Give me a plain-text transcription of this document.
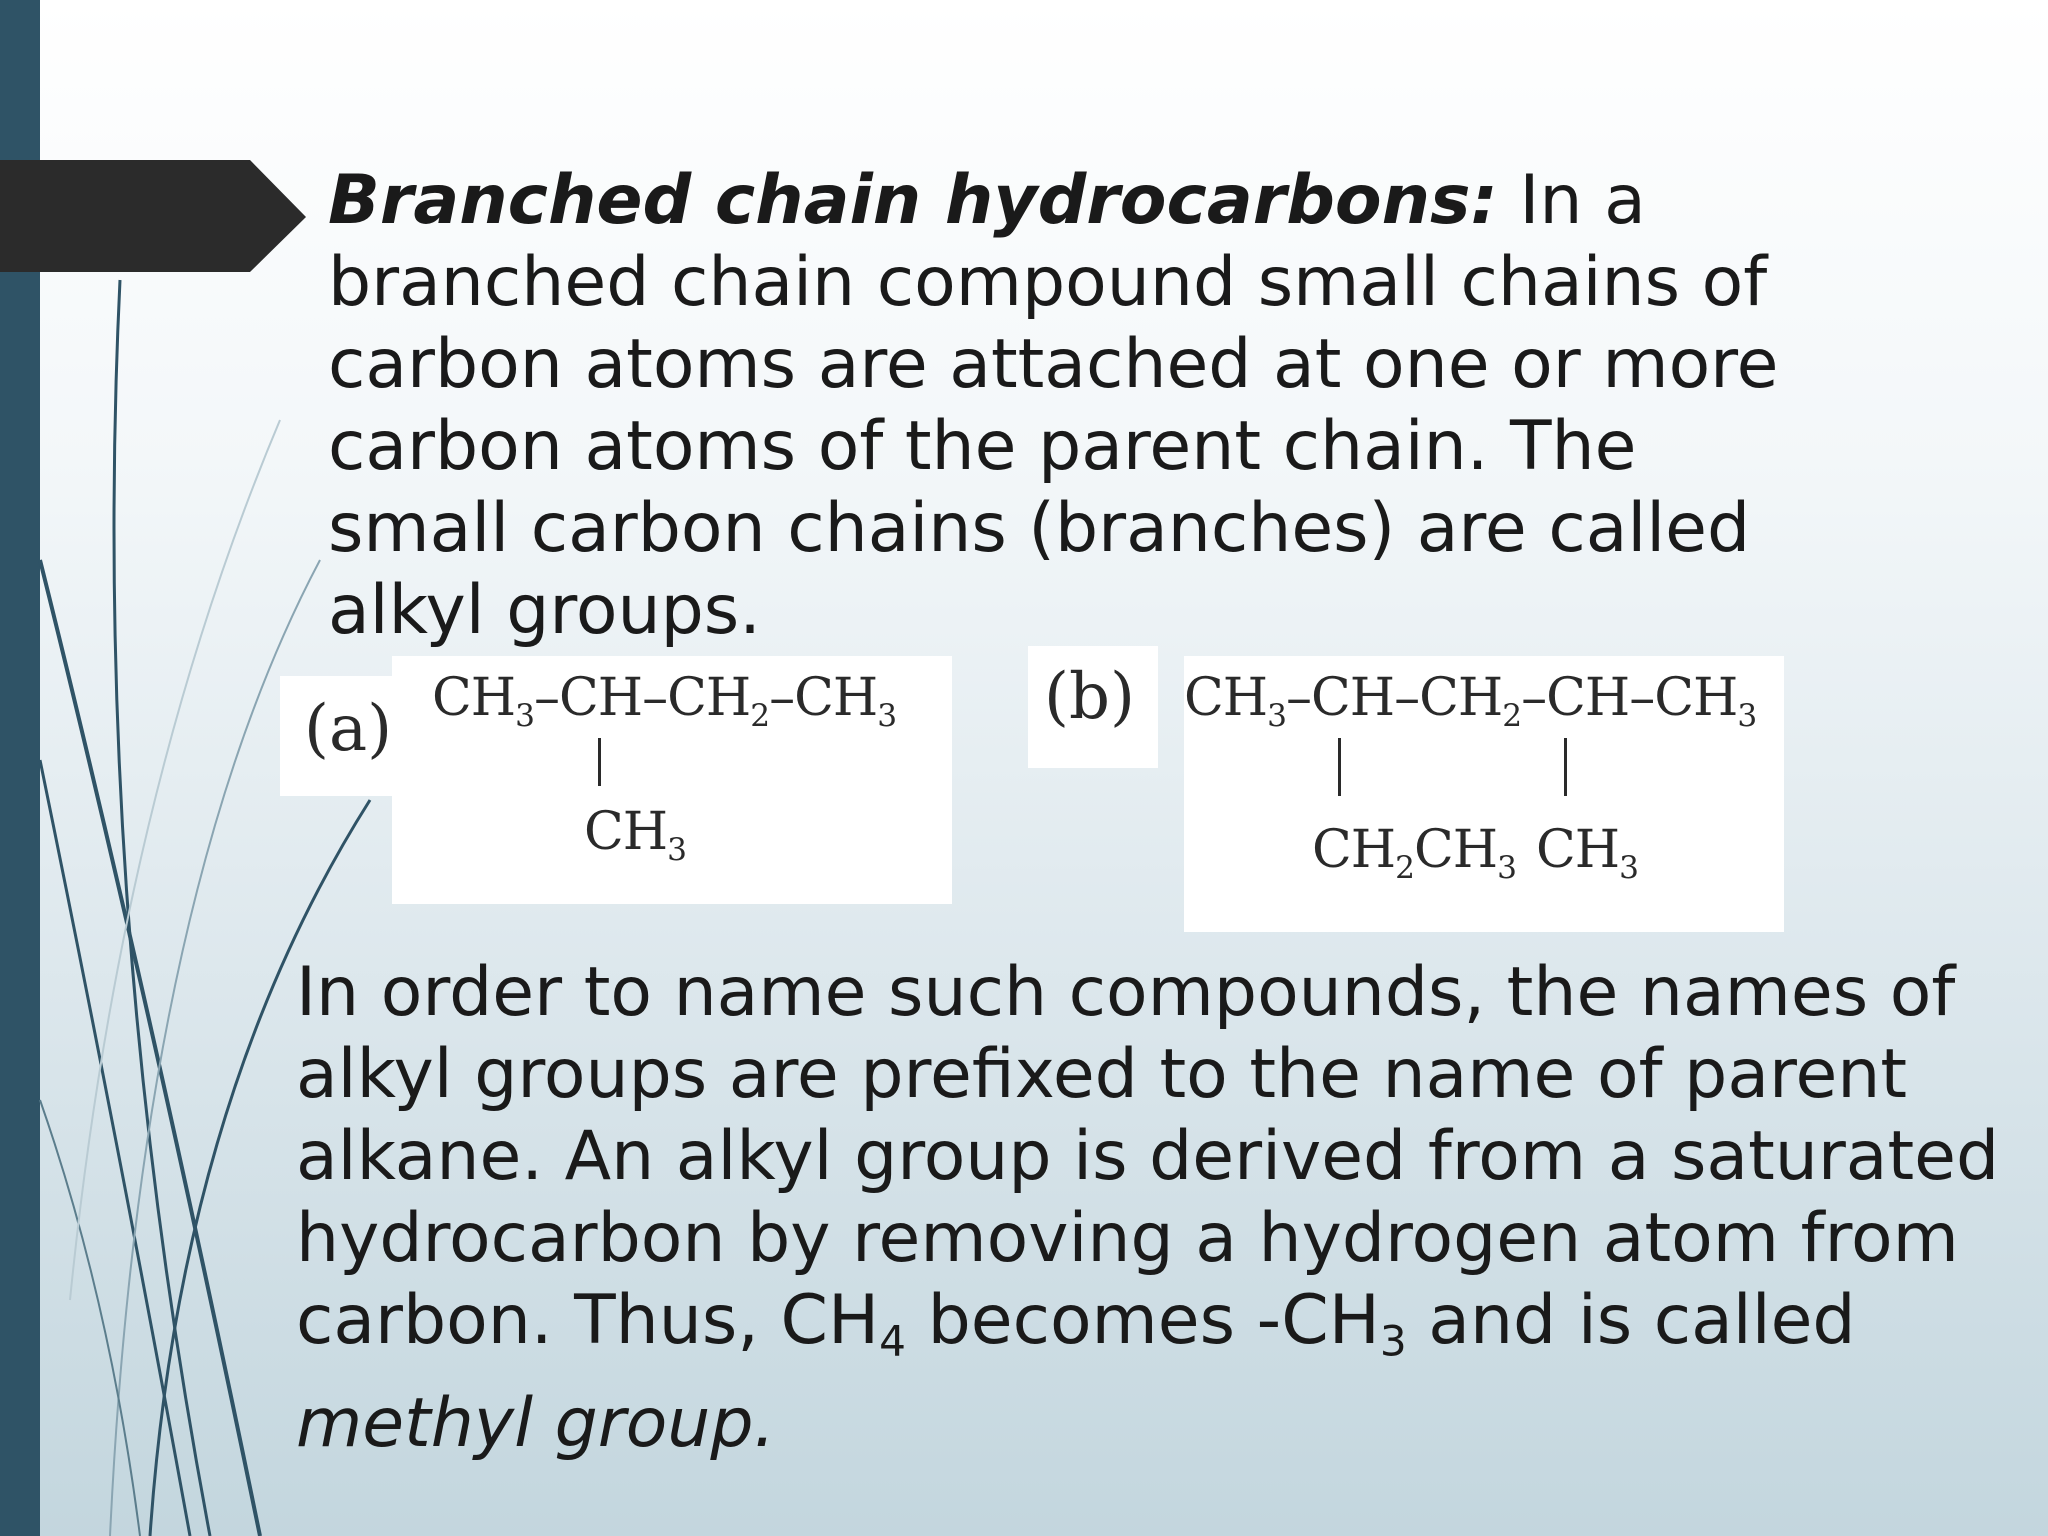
Branched chain hydrocarbons: In a branched chain compound small chains of carbon atoms are attached at one or more carbon atoms of the parent chain. The small carbon chains (branches) are called alkyl groups.

(a) $CH_3-CH-CH_2-CH_3$
$CH_3$
(b) $CH_3-CH-CH_2-CH-CH_3$
$CH_2CH_3$ $CH_3$

In order to name such compounds, the names of alkyl groups are prefixed to the name of parent alkane. An alkyl group is derived from a saturated hydrocarbon by removing a hydrogen atom from carbon. Thus, $CH_4$ becomes $-CH_3$ and is called methyl group.
